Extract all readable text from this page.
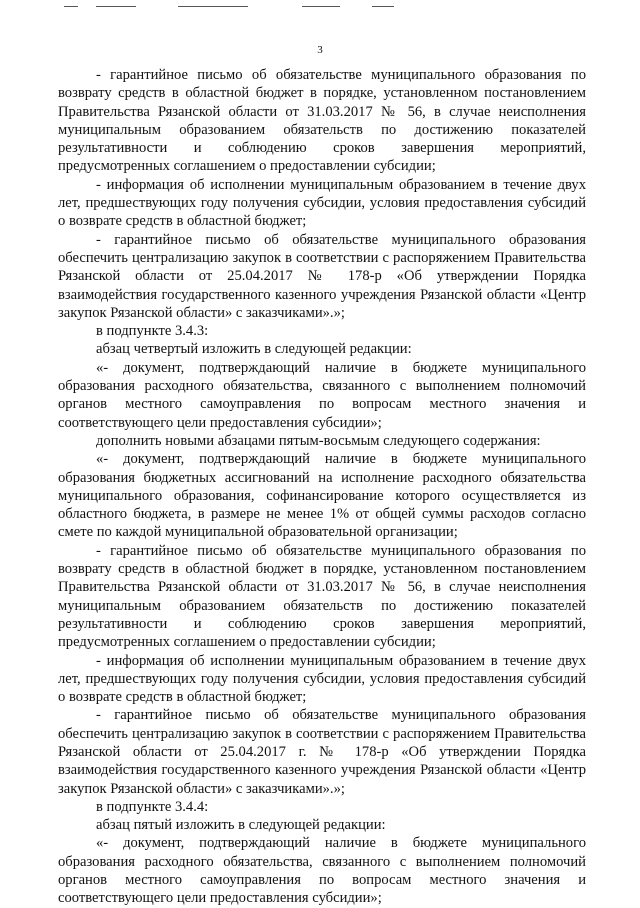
3

- гарантийное письмо об обязательстве муниципального образования по возврату средств в областной бюджет в порядке, установленном постановлением Правительства Рязанской области от 31.03.2017 № 56, в случае неисполнения муниципальным образованием обязательств по достижению показателей результативности и соблюдению сроков завершения мероприятий, предусмотренных соглашением о предоставлении субсидии;

- информация об исполнении муниципальным образованием в течение двух лет, предшествующих году получения субсидии, условия предоставления субсидий о возврате средств в областной бюджет;

- гарантийное письмо об обязательстве муниципального образования обеспечить централизацию закупок в соответствии с распоряжением Правительства Рязанской области от 25.04.2017 № 178-р «Об утверждении Порядка взаимодействия государственного казенного учреждения Рязанской области «Центр закупок Рязанской области» с заказчиками».»;

в подпункте 3.4.3:

абзац четвертый изложить в следующей редакции:

«- документ, подтверждающий наличие в бюджете муниципального образования расходного обязательства, связанного с выполнением полномочий органов местного самоуправления по вопросам местного значения и соответствующего цели предоставления субсидии»;

дополнить новыми абзацами пятым-восьмым следующего содержания:

«- документ, подтверждающий наличие в бюджете муниципального образования бюджетных ассигнований на исполнение расходного обязательства муниципального образования, софинансирование которого осуществляется из областного бюджета, в размере не менее 1% от общей суммы расходов согласно смете по каждой муниципальной образовательной организации;

- гарантийное письмо об обязательстве муниципального образования по возврату средств в областной бюджет в порядке, установленном постановлением Правительства Рязанской области от 31.03.2017 № 56, в случае неисполнения муниципальным образованием обязательств по достижению показателей результативности и соблюдению сроков завершения мероприятий, предусмотренных соглашением о предоставлении субсидии;

- информация об исполнении муниципальным образованием в течение двух лет, предшествующих году получения субсидии, условия предоставления субсидий о возврате средств в областной бюджет;

- гарантийное письмо об обязательстве муниципального образования обеспечить централизацию закупок в соответствии с распоряжением Правительства Рязанской области от 25.04.2017 г. № 178-р «Об утверждении Порядка взаимодействия государственного казенного учреждения Рязанской области «Центр закупок Рязанской области» с заказчиками».»;

в подпункте 3.4.4:

абзац пятый изложить в следующей редакции:

«- документ, подтверждающий наличие в бюджете муниципального образования расходного обязательства, связанного с выполнением полномочий органов местного самоуправления по вопросам местного значения и соответствующего цели предоставления субсидии»;
